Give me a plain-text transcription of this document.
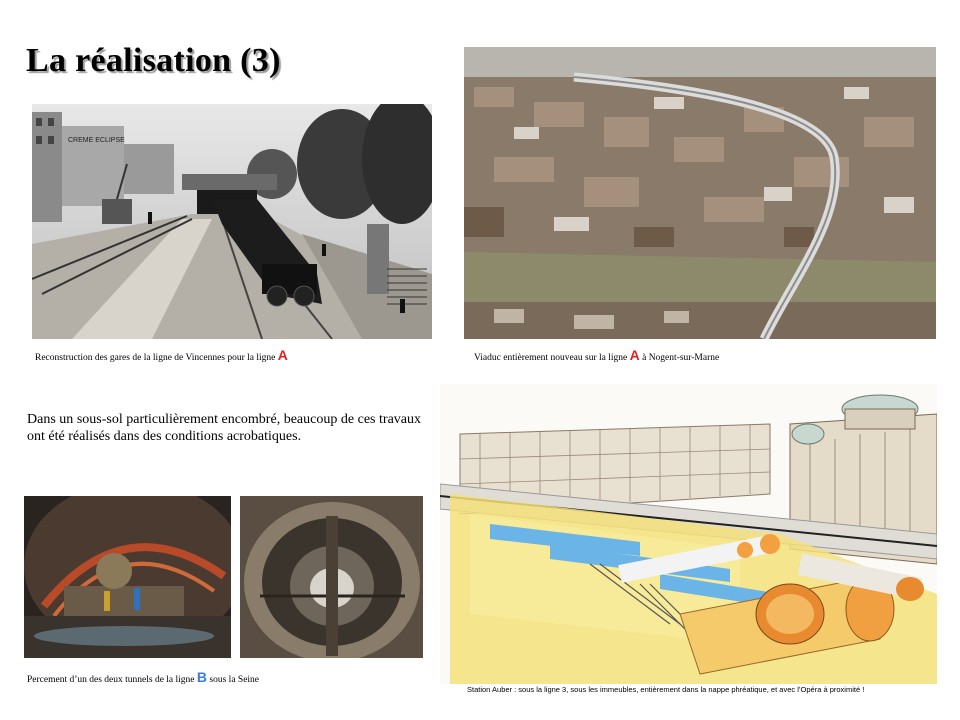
La réalisation (3)
CREME ECLIPSE
Reconstruction des gares de la ligne de Vincennes pour la ligne A	Viaduc entièrement nouveau sur la ligne A à Nogent-sur-Marne
Dans un sous-sol particulièrement encombré, beaucoup de ces travaux ont été réalisés dans des conditions acrobatiques.
Percement d’un des deux tunnels de la ligne B sous la Seine
Station Auber : sous la ligne 3, sous les immeubles, entièrement dans la nappe phréatique, et avec l’Opéra à proximité !
